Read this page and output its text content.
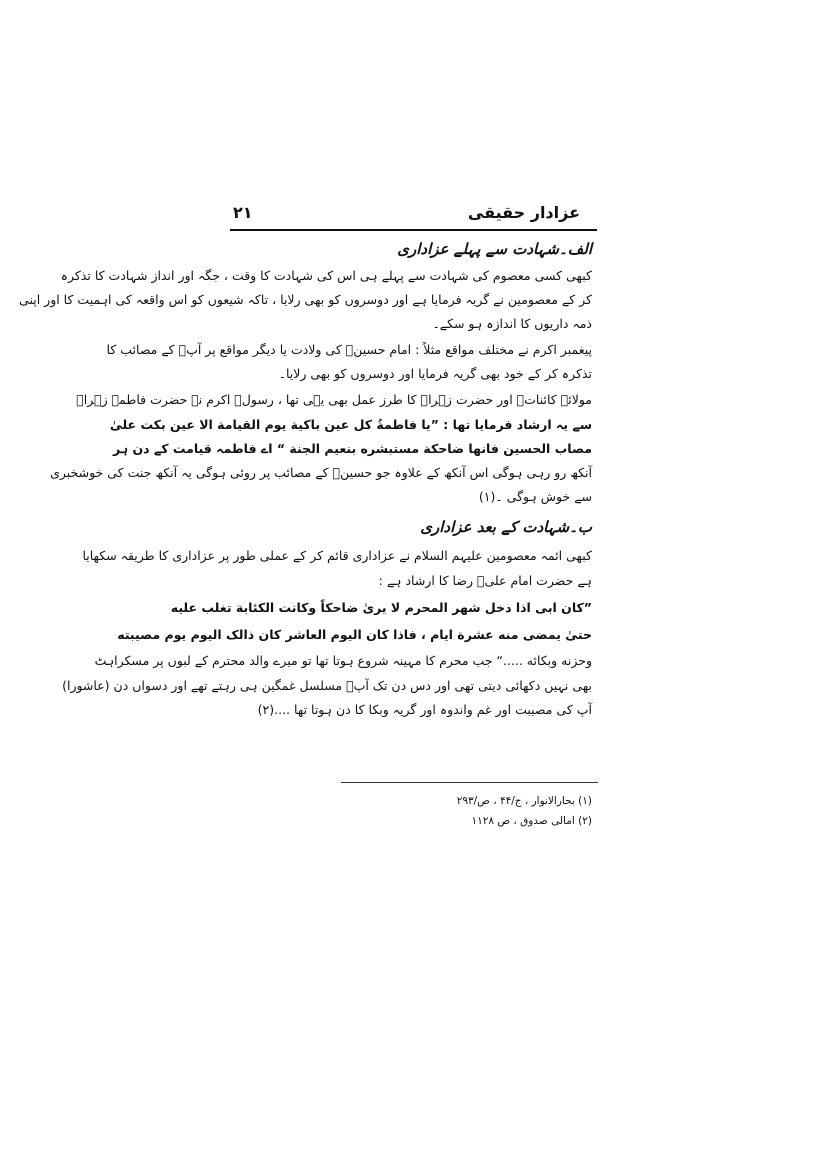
عزادار حقیقی
۲۱
الف۔شہادت سے پہلے عزاداری
کبھی کسی معصوم کی شہادت سے پہلے ہی اس کی شہادت کا وقت ، جگہ اور انداز شہادت کا تذکرہ
کر کے معصومین نے گریہ فرمایا ہے اور دوسروں کو بھی رلایا ، تاکہ شیعوں کو اس واقعہ کی اہمیت کا اور اپنی
ذمہ داریوں کا اندازہ ہو سکے۔
پیغمبر اکرم نے مختلف مواقع مثلاً : امام حسینؑ کی ولادت یا دیگر مواقع پر آپؑ کے مصائب کا
تذکرہ کر کے خود بھی گریہ فرمایا اور دوسروں کو بھی رلایا۔
مولائے کائناتؑ اور حضرت زہراؑ کا طرز عمل بھی یہی تھا ، رسولؐ اکرم نے حضرت فاطمہ زہراؑ
سے یہ ارشاد فرمایا تھا : ”یا فاطمةُ کل عین باکیة یوم القیامة الا عین بکت علیٰ
مصاب الحسین فانها ضاحکة مستبشره بنعیم الجنة “ اے فاطمہ قیامت کے دن ہر
آنکھ رو رہی ہوگی اس آنکھ کے علاوہ جو حسینؑ کے مصائب پر روئی ہوگی یہ آنکھ جنت کی خوشخبری
سے خوش ہوگی ۔(۱)
ب۔شہادت کے بعد عزاداری
کبھی ائمہ معصومین علیہم السلام نے عزاداری قائم کر کے عملی طور پر عزاداری کا طریقہ سکھایا
ہے حضرت امام علیؑ رضا کا ارشاد ہے :
”کان ابی اذا دخل شهر المحرم لا یریٰ ضاحکاً وکانت الکئابة تغلب علیه
حتیٰ یمضی منه عشرة ایام ، فاذا کان الیوم العاشر کان ذالک الیوم یوم مصیبته
وحزنه وبکائه .....“ جب محرم کا مہینہ شروع ہوتا تھا تو میرے والد محترم کے لبوں پر مسکراہٹ
بھی نہیں دکھائی دیتی تھی اور دس دن تک آپؑ مسلسل غمگین ہی رہتے تھے اور دسواں دن (عاشورا)
آپ کی مصیبت اور غم واندوہ اور گریہ وبکا کا دن ہوتا تھا ....(۲)
(۱) بحارالانوار ، ج/۴۴ ، ص/۲۹۳
(۲) امالی صدوق ، ص ۱۱۲۸
